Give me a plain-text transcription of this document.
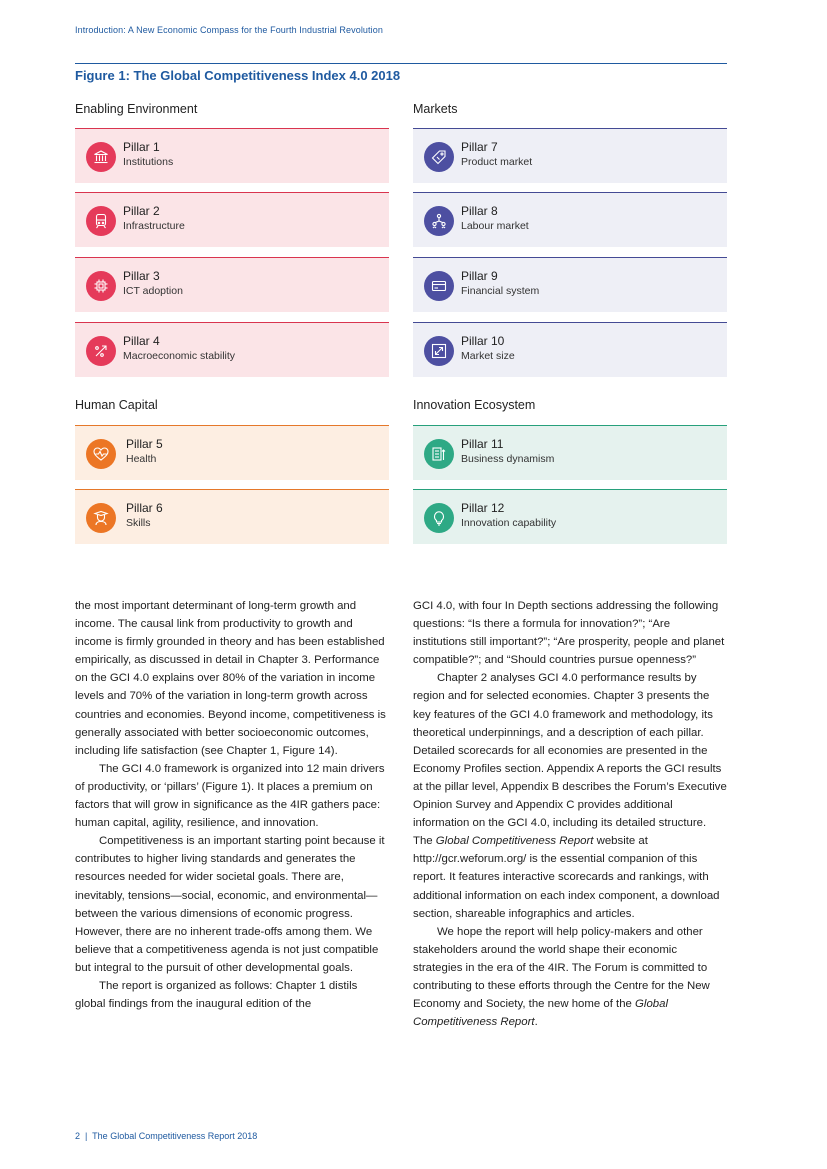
Introduction: A New Economic Compass for the Fourth Industrial Revolution
Figure 1: The Global Competitiveness Index 4.0 2018
Enabling Environment
Pillar 1
Institutions
Pillar 2
Infrastructure
Pillar 3
ICT adoption
Pillar 4
Macroeconomic stability
Markets
Pillar 7
Product market
Pillar 8
Labour market
Pillar 9
Financial system
Pillar 10
Market size
Human Capital
Pillar 5
Health
Pillar 6
Skills
Innovation Ecosystem
Pillar 11
Business dynamism
Pillar 12
Innovation capability

the most important determinant of long-term growth and income. The causal link from productivity to growth and income is firmly grounded in theory and has been established empirically, as discussed in detail in Chapter 3. Performance on the GCI 4.0 explains over 80% of the variation in income levels and 70% of the variation in long-term growth across countries and economies. Beyond income, competitiveness is generally associated with better socioeconomic outcomes, including life satisfaction (see Chapter 1, Figure 14).

The GCI 4.0 framework is organized into 12 main drivers of productivity, or ‘pillars’ (Figure 1). It places a premium on factors that will grow in significance as the 4IR gathers pace: human capital, agility, resilience, and innovation.

Competitiveness is an important starting point because it contributes to higher living standards and generates the resources needed for wider societal goals. There are, inevitably, tensions—social, economic, and environmental—between the various dimensions of economic progress. However, there are no inherent trade-offs among them. We believe that a competitiveness agenda is not just compatible but integral to the pursuit of other developmental goals.

The report is organized as follows: Chapter 1 distils global findings from the inaugural edition of the

GCI 4.0, with four In Depth sections addressing the following questions: “Is there a formula for innovation?”; “Are institutions still important?”; “Are prosperity, people and planet compatible?”; and “Should countries pursue openness?”

Chapter 2 analyses GCI 4.0 performance results by region and for selected economies. Chapter 3 presents the key features of the GCI 4.0 framework and methodology, its theoretical underpinnings, and a description of each pillar. Detailed scorecards for all economies are presented in the Economy Profiles section. Appendix A reports the GCI results at the pillar level, Appendix B describes the Forum’s Executive Opinion Survey and Appendix C provides additional information on the GCI 4.0, including its detailed structure. The Global Competitiveness Report website at http://gcr.weforum.org/ is the essential companion of this report. It features interactive scorecards and rankings, with additional information on each index component, a download section, shareable infographics and articles.

We hope the report will help policy-makers and other stakeholders around the world shape their economic strategies in the era of the 4IR. The Forum is committed to contributing to these efforts through the Centre for the New Economy and Society, the new home of the Global Competitiveness Report.

2  |  The Global Competitiveness Report 2018
